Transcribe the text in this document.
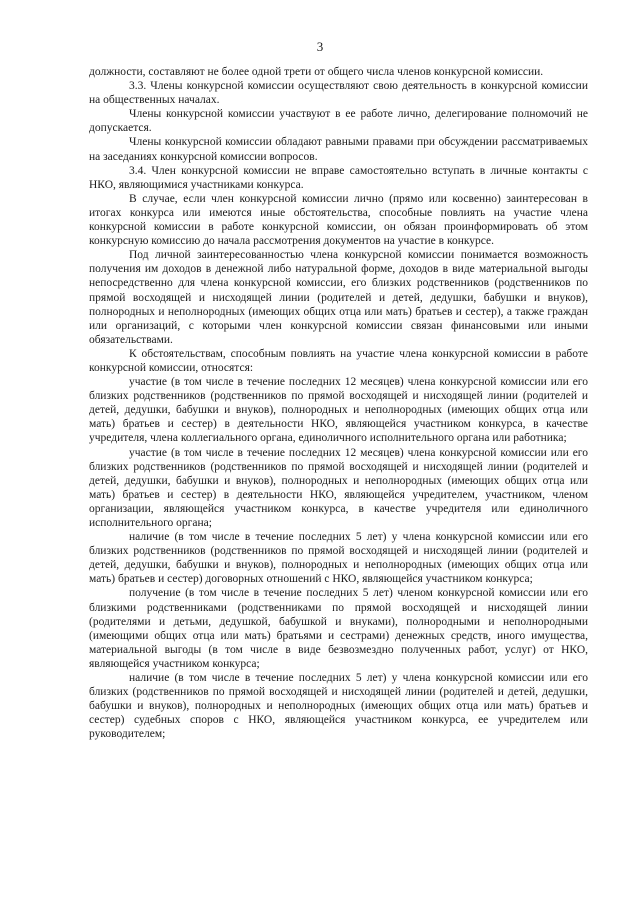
3

должности, составляют не более одной трети от общего числа членов конкурсной комиссии.

3.3. Члены конкурсной комиссии осуществляют свою деятельность в конкурсной комиссии на общественных началах.

Члены конкурсной комиссии участвуют в ее работе лично, делегирование полномочий не допускается.

Члены конкурсной комиссии обладают равными правами при обсуждении рассматриваемых на заседаниях конкурсной комиссии вопросов.

3.4. Член конкурсной комиссии не вправе самостоятельно вступать в личные контакты с НКО, являющимися участниками конкурса.

В случае, если член конкурсной комиссии лично (прямо или косвенно) заинтересован в итогах конкурса или имеются иные обстоятельства, способные повлиять на участие члена конкурсной комиссии в работе конкурсной комиссии, он обязан проинформировать об этом конкурсную комиссию до начала рассмотрения документов на участие в конкурсе.

Под личной заинтересованностью члена конкурсной комиссии понимается возможность получения им доходов в денежной либо натуральной форме, доходов в виде материальной выгоды непосредственно для члена конкурсной комиссии, его близких родственников (родственников по прямой восходящей и нисходящей линии (родителей и детей, дедушки, бабушки и внуков), полнородных и неполнородных (имеющих общих отца или мать) братьев и сестер), а также граждан или организаций, с которыми член конкурсной комиссии связан финансовыми или иными обязательствами.

К обстоятельствам, способным повлиять на участие члена конкурсной комиссии в работе конкурсной комиссии, относятся:

участие (в том числе в течение последних 12 месяцев) члена конкурсной комиссии или его близких родственников (родственников по прямой восходящей и нисходящей линии (родителей и детей, дедушки, бабушки и внуков), полнородных и неполнородных (имеющих общих отца или мать) братьев и сестер) в деятельности НКО, являющейся участником конкурса, в качестве учредителя, члена коллегиального органа, единоличного исполнительного органа или работника;

участие (в том числе в течение последних 12 месяцев) члена конкурсной комиссии или его близких родственников (родственников по прямой восходящей и нисходящей линии (родителей и детей, дедушки, бабушки и внуков), полнородных и неполнородных (имеющих общих отца или мать) братьев и сестер) в деятельности НКО, являющейся учредителем, участником, членом организации, являющейся участником конкурса, в качестве учредителя или единоличного исполнительного органа;

наличие (в том числе в течение последних 5 лет) у члена конкурсной комиссии или его близких родственников (родственников по прямой восходящей и нисходящей линии (родителей и детей, дедушки, бабушки и внуков), полнородных и неполнородных (имеющих общих отца или мать) братьев и сестер) договорных отношений с НКО, являющейся участником конкурса;

получение (в том числе в течение последних 5 лет) членом конкурсной комиссии или его близкими родственниками (родственниками по прямой восходящей и нисходящей линии (родителями и детьми, дедушкой, бабушкой и внуками), полнородными и неполнородными (имеющими общих отца или мать) братьями и сестрами) денежных средств, иного имущества, материальной выгоды (в том числе в виде безвозмездно полученных работ, услуг) от НКО, являющейся участником конкурса;

наличие (в том числе в течение последних 5 лет) у члена конкурсной комиссии или его близких (родственников по прямой восходящей и нисходящей линии (родителей и детей, дедушки, бабушки и внуков), полнородных и неполнородных (имеющих общих отца или мать) братьев и сестер) судебных споров с НКО, являющейся участником конкурса, ее учредителем или руководителем;
